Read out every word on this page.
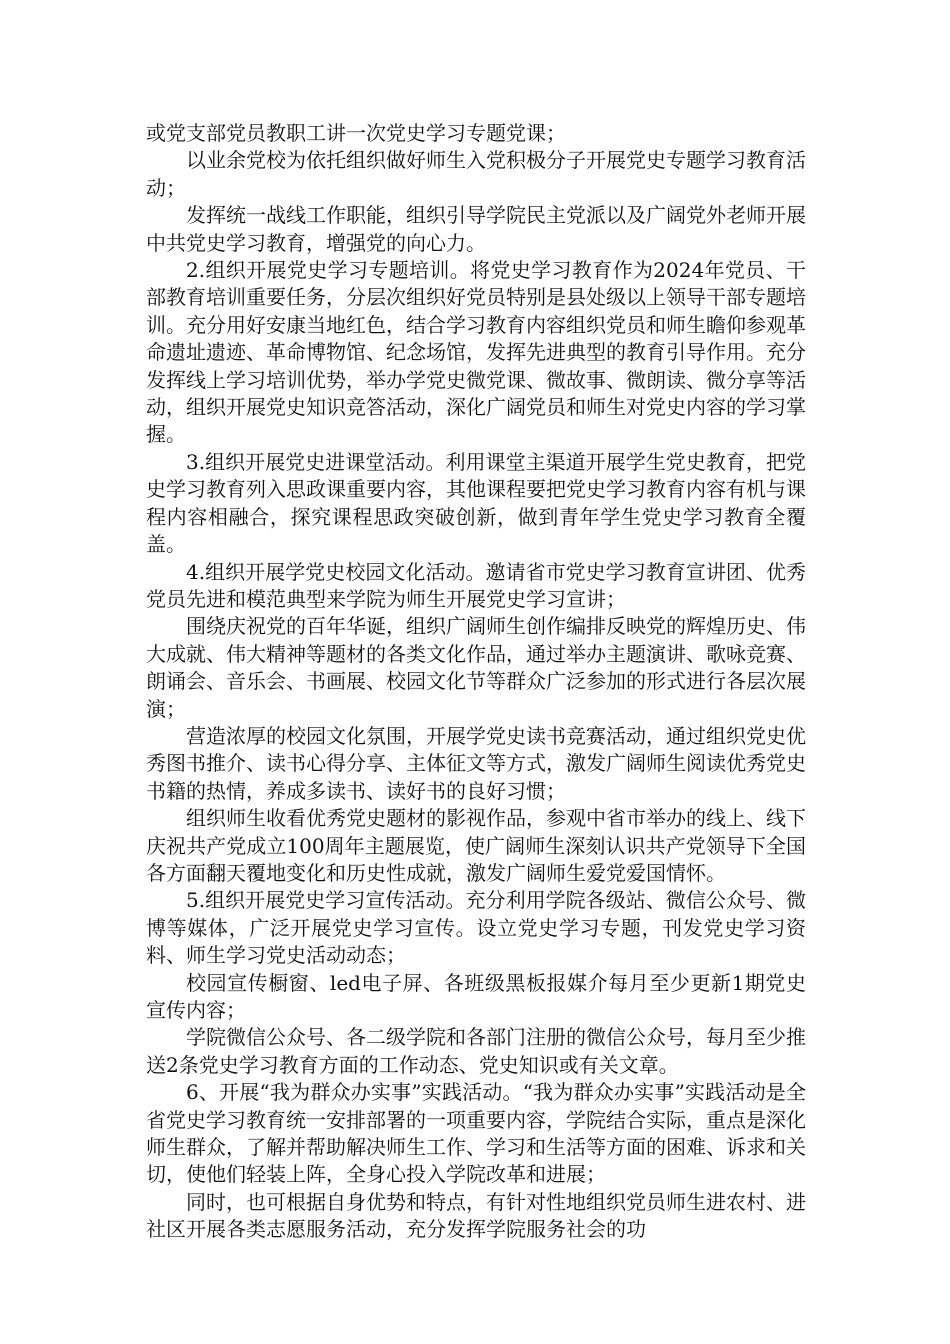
或党支部党员教职工讲一次党史学习专题党课；

以业余党校为依托组织做好师生入党积极分子开展党史专题学习教育活动；

发挥统一战线工作职能，组织引导学院民主党派以及广阔党外老师开展中共党史学习教育，增强党的向心力。

2.组织开展党史学习专题培训。将党史学习教育作为2024年党员、干部教育培训重要任务，分层次组织好党员特别是县处级以上领导干部专题培训。充分用好安康当地红色，结合学习教育内容组织党员和师生瞻仰参观革命遗址遗迹、革命博物馆、纪念场馆，发挥先进典型的教育引导作用。充分发挥线上学习培训优势，举办学党史微党课、微故事、微朗读、微分享等活动，组织开展党史知识竞答活动，深化广阔党员和师生对党史内容的学习掌握。

3.组织开展党史进课堂活动。利用课堂主渠道开展学生党史教育，把党史学习教育列入思政课重要内容，其他课程要把党史学习教育内容有机与课程内容相融合，探究课程思政突破创新，做到青年学生党史学习教育全覆盖。

4.组织开展学党史校园文化活动。邀请省市党史学习教育宣讲团、优秀党员先进和模范典型来学院为师生开展党史学习宣讲；

围绕庆祝党的百年华诞，组织广阔师生创作编排反映党的辉煌历史、伟大成就、伟大精神等题材的各类文化作品，通过举办主题演讲、歌咏竞赛、朗诵会、音乐会、书画展、校园文化节等群众广泛参加的形式进行各层次展演；

营造浓厚的校园文化氛围，开展学党史读书竞赛活动，通过组织党史优秀图书推介、读书心得分享、主体征文等方式，激发广阔师生阅读优秀党史书籍的热情，养成多读书、读好书的良好习惯；

组织师生收看优秀党史题材的影视作品，参观中省市举办的线上、线下庆祝共产党成立100周年主题展览，使广阔师生深刻认识共产党领导下全国各方面翻天覆地变化和历史性成就，激发广阔师生爱党爱国情怀。

5.组织开展党史学习宣传活动。充分利用学院各级站、微信公众号、微博等媒体，广泛开展党史学习宣传。设立党史学习专题，刊发党史学习资料、师生学习党史活动动态；

校园宣传橱窗、led电子屏、各班级黑板报媒介每月至少更新1期党史宣传内容；

学院微信公众号、各二级学院和各部门注册的微信公众号，每月至少推送2条党史学习教育方面的工作动态、党史知识或有关文章。

6、开展“我为群众办实事”实践活动。“我为群众办实事”实践活动是全省党史学习教育统一安排部署的一项重要内容，学院结合实际，重点是深化师生群众，了解并帮助解决师生工作、学习和生活等方面的困难、诉求和关切，使他们轻装上阵，全身心投入学院改革和进展；

同时，也可根据自身优势和特点，有针对性地组织党员师生进农村、进社区开展各类志愿服务活动，充分发挥学院服务社会的功
